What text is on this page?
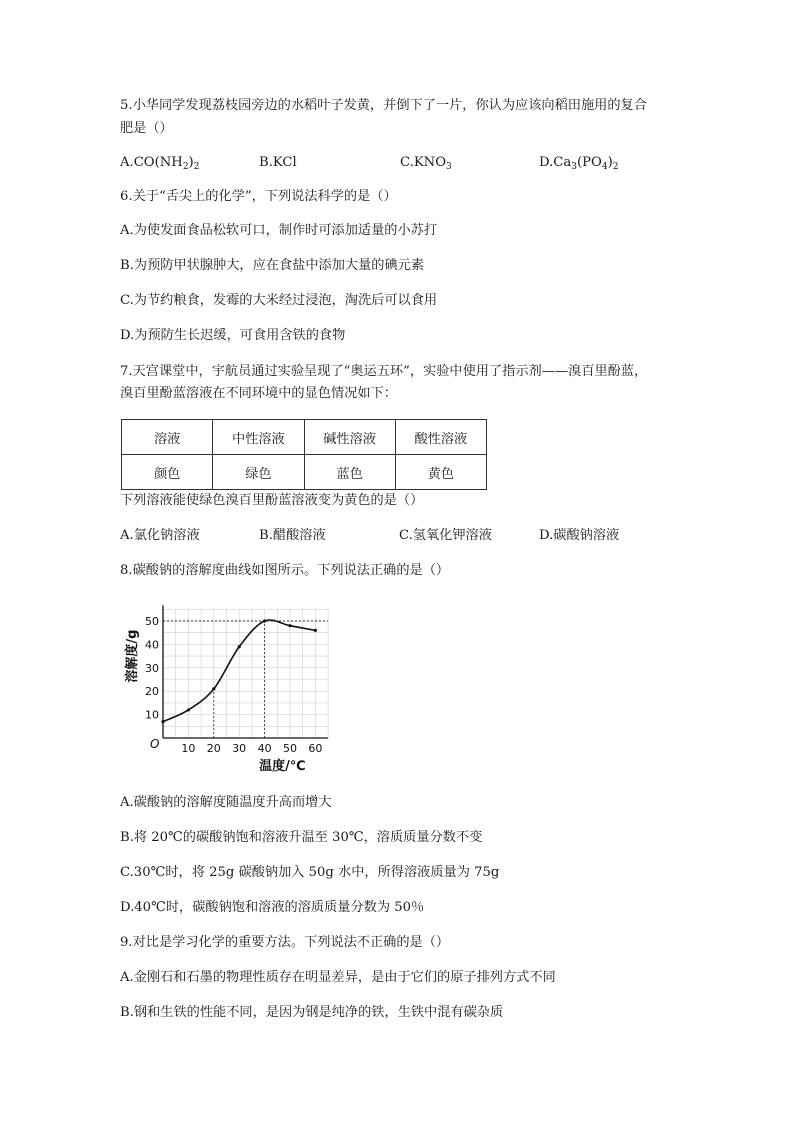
5.小华同学发现荔枝园旁边的水稻叶子发黄，并倒下了一片，你认为应该向稻田施用的复合
肥是（）
$A.CO(NH_2)_2$	B.KCl	$C.KNO_3$	$D.Ca_3(PO_4)_2$
6.关于“舌尖上的化学”，下列说法科学的是（）
A.为使发面食品松软可口，制作时可添加适量的小苏打
B.为预防甲状腺肿大，应在食盐中添加大量的碘元素
C.为节约粮食，发霉的大米经过浸泡，淘洗后可以食用
D.为预防生长迟缓，可食用含铁的食物
7.天宫课堂中，宇航员通过实验呈现了“奥运五环”，实验中使用了指示剂——溴百里酚蓝，
溴百里酚蓝溶液在不同环境中的显色情况如下：
溶液	中性溶液	碱性溶液	酸性溶液
颜色	绿色	蓝色	黄色
下列溶液能使绿色溴百里酚蓝溶液变为黄色的是（）
A.氯化钠溶液	B.醋酸溶液	C.氢氧化钾溶液	D.碳酸钠溶液
8.碳酸钠的溶解度曲线如图所示。下列说法正确的是（）
10 20 30 40 50 60
10
20
30
40
50
溶解度/g
温度/℃
O
A.碳酸钠的溶解度随温度升高而增大
B.将 20℃的碳酸钠饱和溶液升温至 30℃，溶质质量分数不变
C.30℃时，将 25g 碳酸钠加入 50g 水中，所得溶液质量为 75g
D.40℃时，碳酸钠饱和溶液的溶质质量分数为 50％
9.对比是学习化学的重要方法。下列说法不正确的是（）
A.金刚石和石墨的物理性质存在明显差异，是由于它们的原子排列方式不同
B.钢和生铁的性能不同，是因为钢是纯净的铁，生铁中混有碳杂质
